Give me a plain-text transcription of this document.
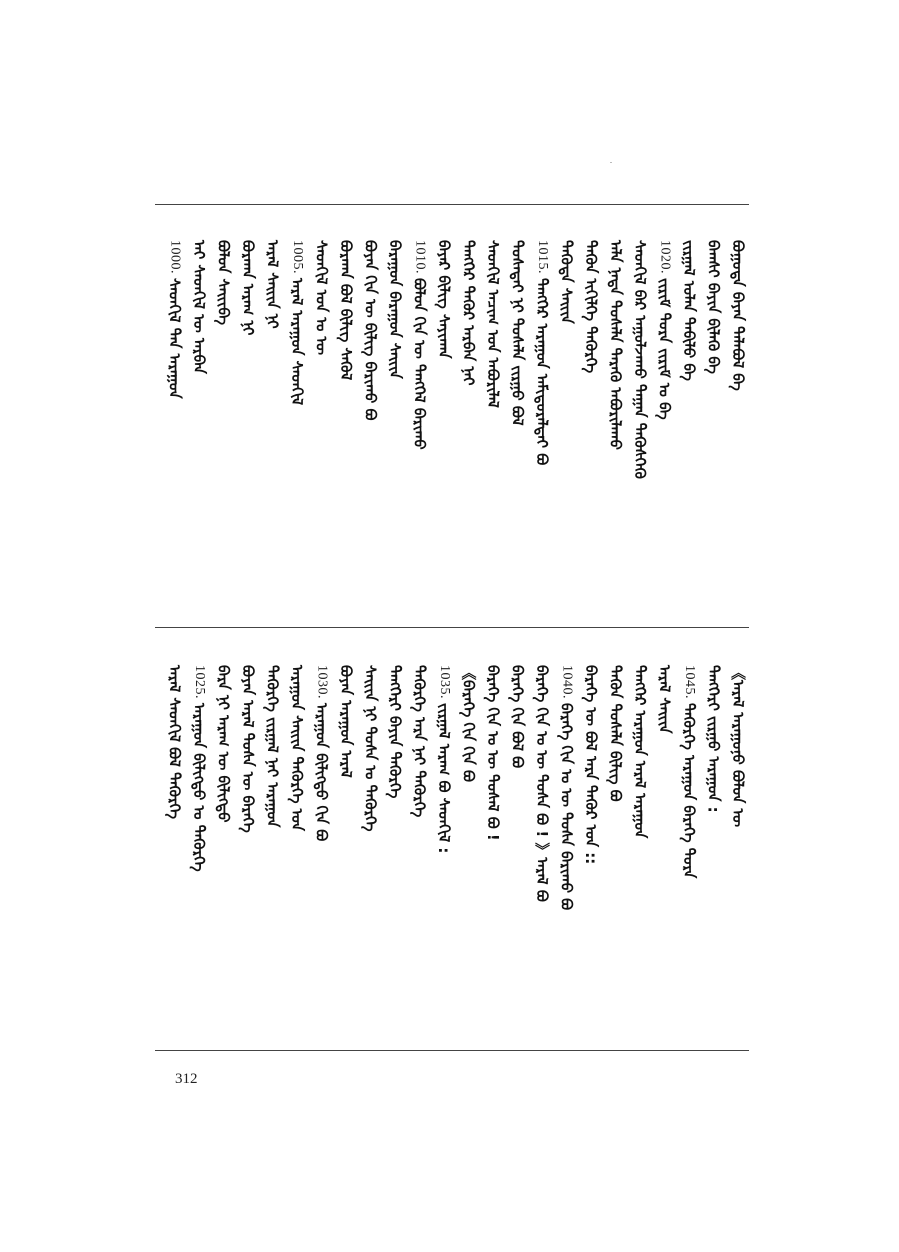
ᠪᠣᠭᠤᠳᠠ ᠪᠠᠶᠠᠨ ᠲᠠᠯᠠᠪᠤᠯ ᠪᠡ
ᠪᠠᠭᠰᠢ ᠪᠠᠶᠢᠨ ᠪᠢᠯᠡᠭᠦ ᠪᠡ
ᠵᠢᠷᠭᠠᠯ ᠣᠯᠠᠨ ᠲᠠᠪᠢᠯᠤ ᠪᠡ
1020.
ᠵᠢᠷᠢᠮ ᠳᠤᠷᠠ ᠵᠢᠷᠢᠮ ᠤ ᠪᠡ
ᠰᠡᠳᠬᠢᠯ ᠪᠡᠷ ᠠᠭᠤᠯᠵᠠᠬᠤ ᠲᠠᠭᠠᠨ ᠲᠡᠭᠦᠰᠬᠡᠬᠦ
ᠠᠯᠠ ᠨᠠᠳᠠ ᠲᠤᠰᠠᠯᠠ ᠲᠡᠷᠡᠭᠦ ᠠᠪᠤᠷᠢᠯᠠᠬᠤ
ᠲᠡᠭᠦᠨ ᠢᠭᠢᠯᠭᠡ ᠲᠡᠭᠦᠷᠭᠡ
ᠲᠡᠭᠦᠳᠡ ᠰᠠᠢᠢᠨ
1015.
ᠲᠡᠩᠭᠡᠷ ᠠᠷᠠᠭᠤᠨ ᠠᠮᠢᠳᠤᠷᠠᠯᠲᠠᠢ ᠪᠣ
ᠲᠤᠰᠠᠲᠠᠢ ᠨᠢ ᠲᠤᠰᠠᠯᠠ ᠵᠢᠷᠭᠤ ᠪᠣᠯ
ᠰᠡᠳᠬᠢᠯ ᠠᠴᠢᠭ ᠤᠨ ᠠᠪᠤᠷᠢᠯᠠᠯ
ᠲᠡᠩᠭᠡᠷ ᠲᠡᠭᠦᠷ ᠠᠷᠪᠠᠨ ᠨᠠᠢ
ᠪᠠᠶᠠᠷ ᠪᠢᠯᠢᠭ ᠰᠠᠶᠢᠬᠠᠨ
1010.
ᠪᠣᠯᠤᠨ ᠬᠢᠨ ᠦ ᠲᠡᠩᠭᠡᠯ ᠪᠠᠷᠢᠬᠤ
ᠪᠠᠷᠠᠭᠤᠨ ᠪᠠᠷᠠᠭᠤᠨ ᠰᠠᠢᠢᠨ
ᠪᠤᠶᠠᠨ ᠬᠢᠨ ᠦ ᠪᠢᠯᠢᠭ ᠪᠠᠷᠢᠬᠤ ᠪᠣ
ᠪᠤᠷᠬᠠᠨ ᠪᠣᠯ ᠪᠢᠯᠢᠭ ᠰᠡᠭᠦᠯ
ᠰᠡᠳᠬᠢᠯ ᠤᠨ ᠤ ᠦ
1005.
ᠠᠷᠠᠯ ᠠᠷᠠᠭᠤᠨ ᠰᠡᠳᠬᠢᠯ
ᠠᠷᠠᠯ ᠰᠠᠢᠢᠨ ᠨᠢ
ᠪᠤᠷᠬᠠᠨ ᠠᠷᠠᠭ ᠨᠢ
ᠪᠤᠯᠤᠨ ᠰᠠᠢᠢᠪᠠ
ᠠᠢ ᠰᠡᠳᠬᠢᠯ ᠦ ᠠᠷᠪᠠᠨ
1000.
ᠰᠡᠳᠬᠢᠯ ᠲᠡᠨ ᠠᠷᠠᠭᠤᠨ
《ᠠᠷᠠᠯ ᠠᠷᠠᠭᠤᠨᠤ ᠪᠣᠯᠤᠨ ᠦ
ᠲᠡᠩᠭᠡᠷᠢ ᠵᠢᠷᠭᠤ ᠠᠷᠠᠭᠤᠨ :
1045.
ᠲᠡᠭᠦᠷᠭᠡ ᠠᠷᠠᠭᠤᠨ ᠪᠡᠷᠡᠭᠡ ᠳᠤᠷᠠ
ᠠᠷᠠᠯ ᠰᠠᠢᠢᠨ
ᠲᠡᠩᠭᠡᠷ ᠠᠷᠠᠭᠤᠨ ᠠᠷᠠᠯ ᠠᠷᠠᠭᠤᠨ
ᠲᠡᠭᠦᠨ ᠲᠤᠰᠠᠯᠠ ᠪᠢᠯᠢᠭ ᠪᠣ
ᠪᠡᠷᠡᠭᠡ ᠦ ᠪᠣᠯ ᠠᠷᠠ ᠲᠡᠭᠦᠷ ᠤᠨ ::
1040.
ᠪᠡᠷᠡᠭᠡ ᠬᠢᠨ ᠤ ᠦ ᠲᠤᠰᠠ ᠪᠠᠷᠢᠬᠤ ᠪᠣ
ᠪᠡᠷᠡᠭᠡ ᠬᠢᠨ ᠤ ᠦ ᠲᠤᠰᠠ ᠪᠣ ! 》ᠠᠷᠠᠯ ᠪᠣ
ᠪᠡᠷᠡᠭᠡ ᠬᠢᠨ ᠪᠣᠯ ᠪᠣ
ᠪᠡᠷᠡᠭᠡ ᠬᠢᠨ ᠤ ᠦ ᠲᠤᠰᠠᠯ ᠪᠣ !
《ᠪᠡᠷᠡᠭᠡ ᠬᠢᠨ ᠬᠢᠨ ᠪᠣ
1035.
ᠵᠢᠷᠭᠠᠯ ᠠᠷᠠᠭ ᠪᠣ ᠰᠡᠳᠬᠢᠯ :
ᠲᠡᠭᠦᠷᠭᠡ ᠠᠷᠠ ᠨᠠᠢ ᠲᠡᠭᠦᠷᠭᠡ
ᠲᠡᠩᠭᠡᠷᠢ ᠪᠠᠶᠢᠨ ᠲᠡᠭᠦᠷᠭᠡ
ᠰᠠᠢᠢᠨ ᠨᠢ ᠲᠤᠰᠠ ᠤ ᠲᠡᠭᠦᠷᠭᠡ
ᠪᠤᠶᠠᠨ ᠠᠷᠠᠭᠤᠨ ᠠᠷᠠᠯ
1030.
ᠠᠷᠠᠭᠤᠨ ᠪᠢᠯᠢᠭᠲᠦ ᠬᠢᠨ ᠪᠣ
ᠠᠷᠠᠭᠤᠨ ᠰᠠᠢᠢᠨ ᠲᠡᠭᠦᠷᠭᠡ ᠤᠨ
ᠲᠡᠭᠦᠷᠭᠡ ᠵᠢᠷᠭᠠᠯ ᠨᠠᠢ ᠠᠷᠠᠭᠤᠨ
ᠪᠤᠶᠠᠨ ᠠᠷᠠᠯ ᠲᠤᠰᠠ ᠦ ᠪᠡᠷᠡᠭᠡ
ᠪᠠᠷᠠ ᠨᠢ ᠠᠷᠠᠭ ᠦ ᠪᠢᠯᠢᠭᠲᠦ
1025.
ᠠᠷᠠᠭᠤᠨ ᠪᠢᠯᠢᠭᠲᠦ ᠤ ᠲᠡᠭᠦᠷᠭᠡ
ᠠᠷᠠᠯ ᠰᠡᠳᠬᠢᠯ ᠪᠣᠯ ᠲᠡᠭᠦᠷᠭᠡ
312
